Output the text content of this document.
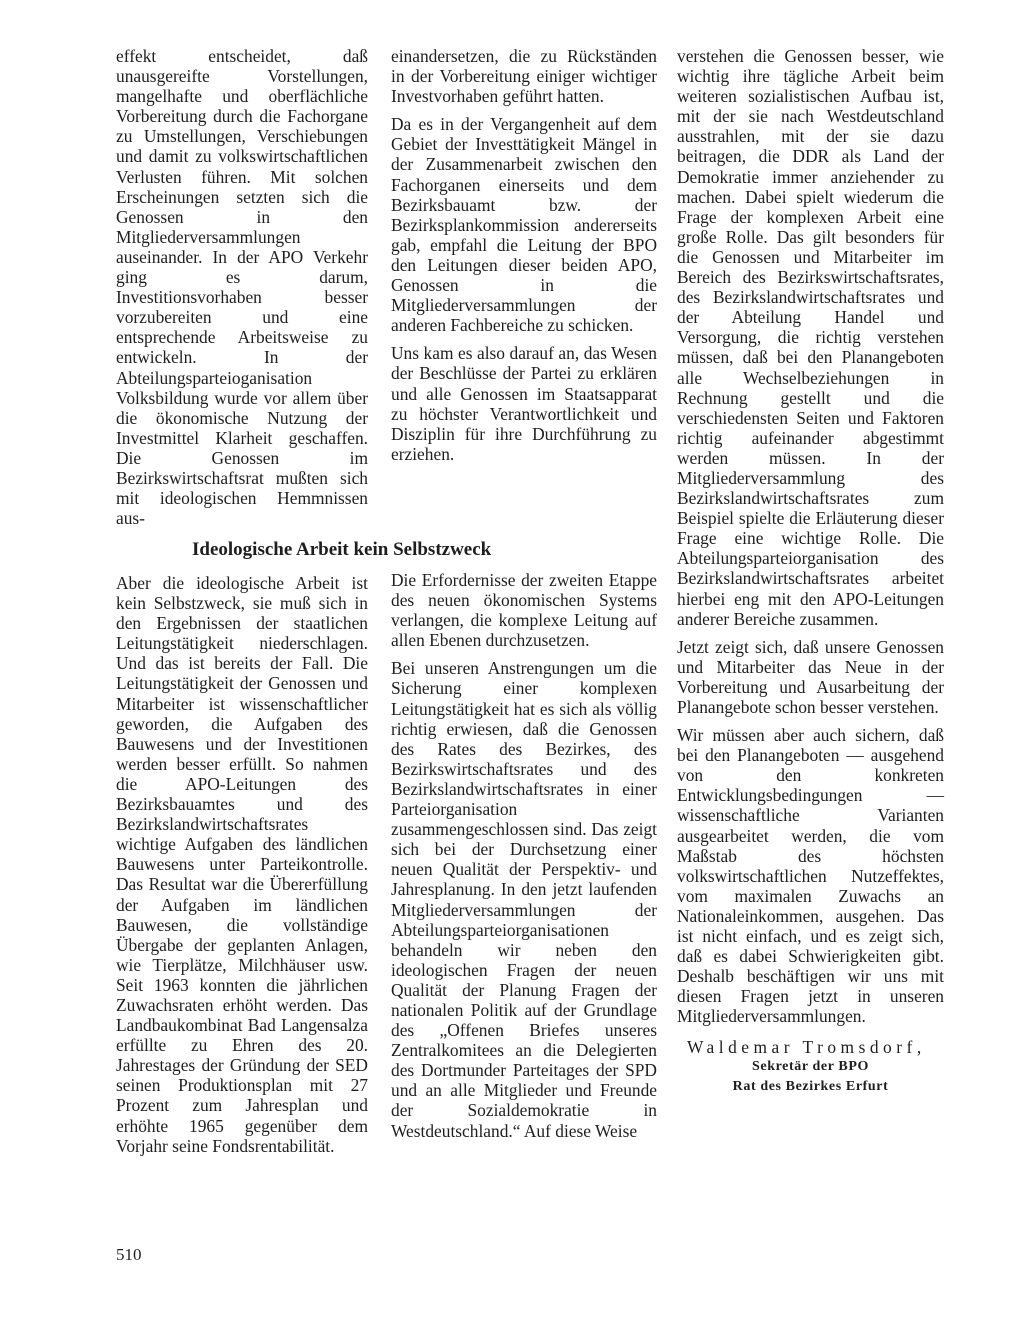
effekt entscheidet, daß unausgereifte Vorstellungen, mangelhafte und oberflächliche Vorbereitung durch die Fachorgane zu Umstellungen, Verschiebungen und damit zu volkswirtschaftlichen Verlusten führen. Mit solchen Erscheinungen setzten sich die Genossen in den Mitgliederversammlungen auseinander. In der APO Verkehr ging es darum, Investitionsvorhaben besser vorzubereiten und eine entsprechende Arbeitsweise zu entwickeln. In der Abteilungsparteioganisation Volksbildung wurde vor allem über die ökonomische Nutzung der Investmittel Klarheit geschaffen. Die Genossen im Bezirkswirtschaftsrat mußten sich mit ideologischen Hemmnissen aus-

einandersetzen, die zu Rückständen in der Vorbereitung einiger wichtiger Investvorhaben geführt hatten.

Da es in der Vergangenheit auf dem Gebiet der Investtätigkeit Mängel in der Zusammenarbeit zwischen den Fachorganen einerseits und dem Bezirksbauamt bzw. der Bezirksplankommission andererseits gab, empfahl die Leitung der BPO den Leitungen dieser beiden APO, Genossen in die Mitgliederversammlungen der anderen Fachbereiche zu schicken.

Uns kam es also darauf an, das Wesen der Beschlüsse der Partei zu erklären und alle Genossen im Staatsapparat zu höchster Verantwortlichkeit und Disziplin für ihre Durchführung zu erziehen.

Ideologische Arbeit kein Selbstzweck

Aber die ideologische Arbeit ist kein Selbstzweck, sie muß sich in den Ergebnissen der staatlichen Leitungstätigkeit niederschlagen. Und das ist bereits der Fall. Die Leitungstätigkeit der Genossen und Mitarbeiter ist wissenschaftlicher geworden, die Aufgaben des Bauwesens und der Investitionen werden besser erfüllt. So nahmen die APO-Leitungen des Bezirksbauamtes und des Bezirkslandwirtschaftsrates wichtige Aufgaben des ländlichen Bauwesens unter Parteikontrolle. Das Resultat war die Übererfüllung der Aufgaben im ländlichen Bauwesen, die vollständige Übergabe der geplanten Anlagen, wie Tierplätze, Milchhäuser usw. Seit 1963 konnten die jährlichen Zuwachsraten erhöht werden. Das Landbaukombinat Bad Langensalza erfüllte zu Ehren des 20. Jahrestages der Gründung der SED seinen Produktionsplan mit 27 Prozent zum Jahresplan und erhöhte 1965 gegenüber dem Vorjahr seine Fondsrentabilität.

Die Erfordernisse der zweiten Etappe des neuen ökonomischen Systems verlangen, die komplexe Leitung auf allen Ebenen durchzusetzen.

Bei unseren Anstrengungen um die Sicherung einer komplexen Leitungstätigkeit hat es sich als völlig richtig erwiesen, daß die Genossen des Rates des Bezirkes, des Bezirkswirtschaftsrates und des Bezirkslandwirtschaftsrates in einer Parteiorganisation zusammengeschlossen sind. Das zeigt sich bei der Durchsetzung einer neuen Qualität der Perspektiv- und Jahresplanung. In den jetzt laufenden Mitgliederversammlungen der Abteilungsparteiorganisationen behandeln wir neben den ideologischen Fragen der neuen Qualität der Planung Fragen der nationalen Politik auf der Grundlage des „Offenen Briefes unseres Zentralkomitees an die Delegierten des Dortmunder Parteitages der SPD und an alle Mitglieder und Freunde der Sozialdemokratie in Westdeutschland.“ Auf diese Weise

verstehen die Genossen besser, wie wichtig ihre tägliche Arbeit beim weiteren sozialistischen Aufbau ist, mit der sie nach Westdeutschland ausstrahlen, mit der sie dazu beitragen, die DDR als Land der Demokratie immer anziehender zu machen. Dabei spielt wiederum die Frage der komplexen Arbeit eine große Rolle. Das gilt besonders für die Genossen und Mitarbeiter im Bereich des Bezirkswirtschaftsrates, des Bezirkslandwirtschaftsrates und der Abteilung Handel und Versorgung, die richtig verstehen müssen, daß bei den Planangeboten alle Wechselbeziehungen in Rechnung gestellt und die verschiedensten Seiten und Faktoren richtig aufeinander abgestimmt werden müssen. In der Mitgliederversammlung des Bezirkslandwirtschaftsrates zum Beispiel spielte die Erläuterung dieser Frage eine wichtige Rolle. Die Abteilungsparteiorganisation des Bezirkslandwirtschaftsrates arbeitet hierbei eng mit den APO-Leitungen anderer Bereiche zusammen.

Jetzt zeigt sich, daß unsere Genossen und Mitarbeiter das Neue in der Vorbereitung und Ausarbeitung der Planangebote schon besser verstehen.

Wir müssen aber auch sichern, daß bei den Planangeboten — ausgehend von den konkreten Entwicklungsbedingungen — wissenschaftliche Varianten ausgearbeitet werden, die vom Maßstab des höchsten volkswirtschaftlichen Nutzeffektes, vom maximalen Zuwachs an Nationaleinkommen, ausgehen. Das ist nicht einfach, und es zeigt sich, daß es dabei Schwierigkeiten gibt. Deshalb beschäftigen wir uns mit diesen Fragen jetzt in unseren Mitgliederversammlungen.

Waldemar Tromsdorf,

Sekretär der BPO

Rat des Bezirkes Erfurt

510
